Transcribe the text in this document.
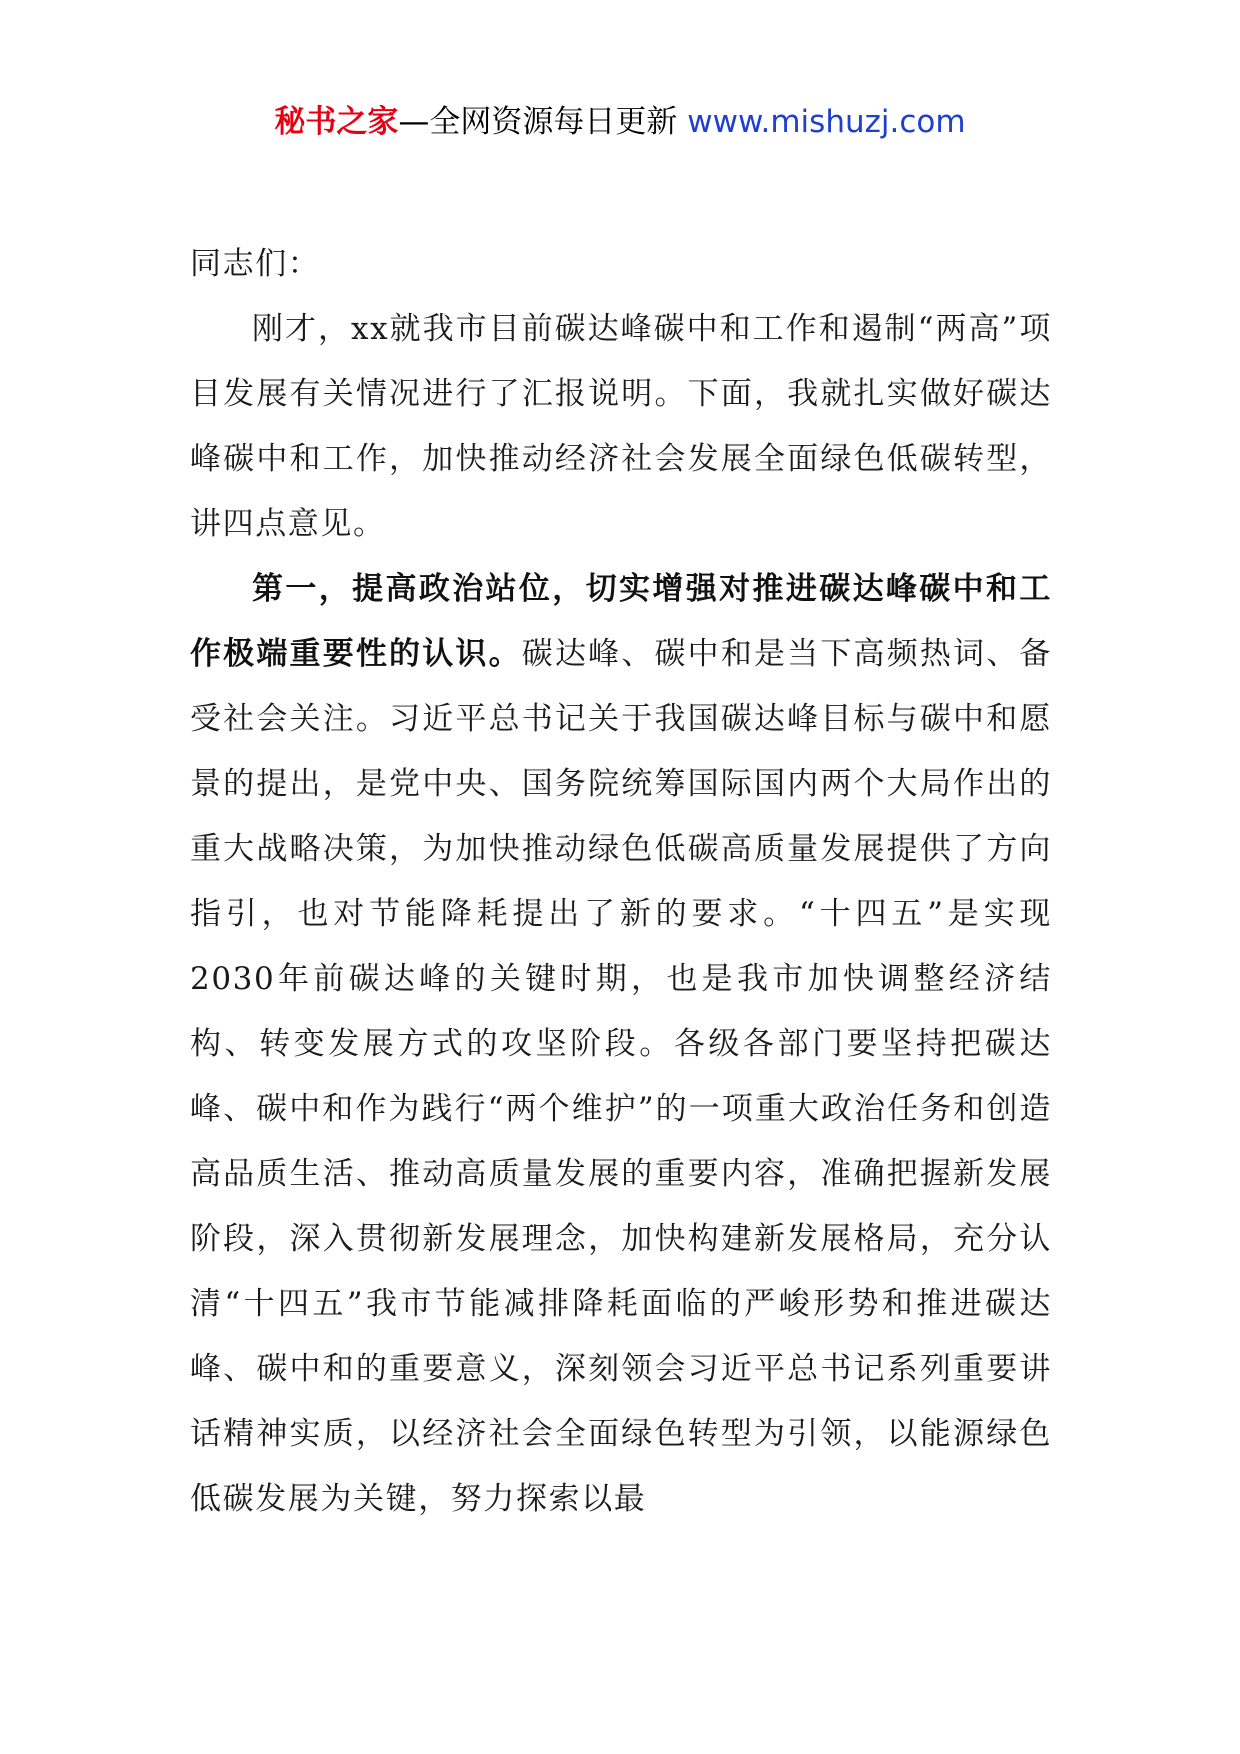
秘书之家—全网资源每日更新 www.mishuzj.com

同志们：

刚才，xx就我市目前碳达峰碳中和工作和遏制“两高”项目发展有关情况进行了汇报说明。下面，我就扎实做好碳达峰碳中和工作，加快推动经济社会发展全面绿色低碳转型，讲四点意见。

第一，提高政治站位，切实增强对推进碳达峰碳中和工作极端重要性的认识。碳达峰、碳中和是当下高频热词、备受社会关注。习近平总书记关于我国碳达峰目标与碳中和愿景的提出，是党中央、国务院统筹国际国内两个大局作出的重大战略决策，为加快推动绿色低碳高质量发展提供了方向指引，也对节能降耗提出了新的要求。“十四五”是实现2030年前碳达峰的关键时期，也是我市加快调整经济结构、转变发展方式的攻坚阶段。各级各部门要坚持把碳达峰、碳中和作为践行“两个维护”的一项重大政治任务和创造高品质生活、推动高质量发展的重要内容，准确把握新发展阶段，深入贯彻新发展理念，加快构建新发展格局，充分认清“十四五”我市节能减排降耗面临的严峻形势和推进碳达峰、碳中和的重要意义，深刻领会习近平总书记系列重要讲话精神实质，以经济社会全面绿色转型为引领，以能源绿色低碳发展为关键，努力探索以最
